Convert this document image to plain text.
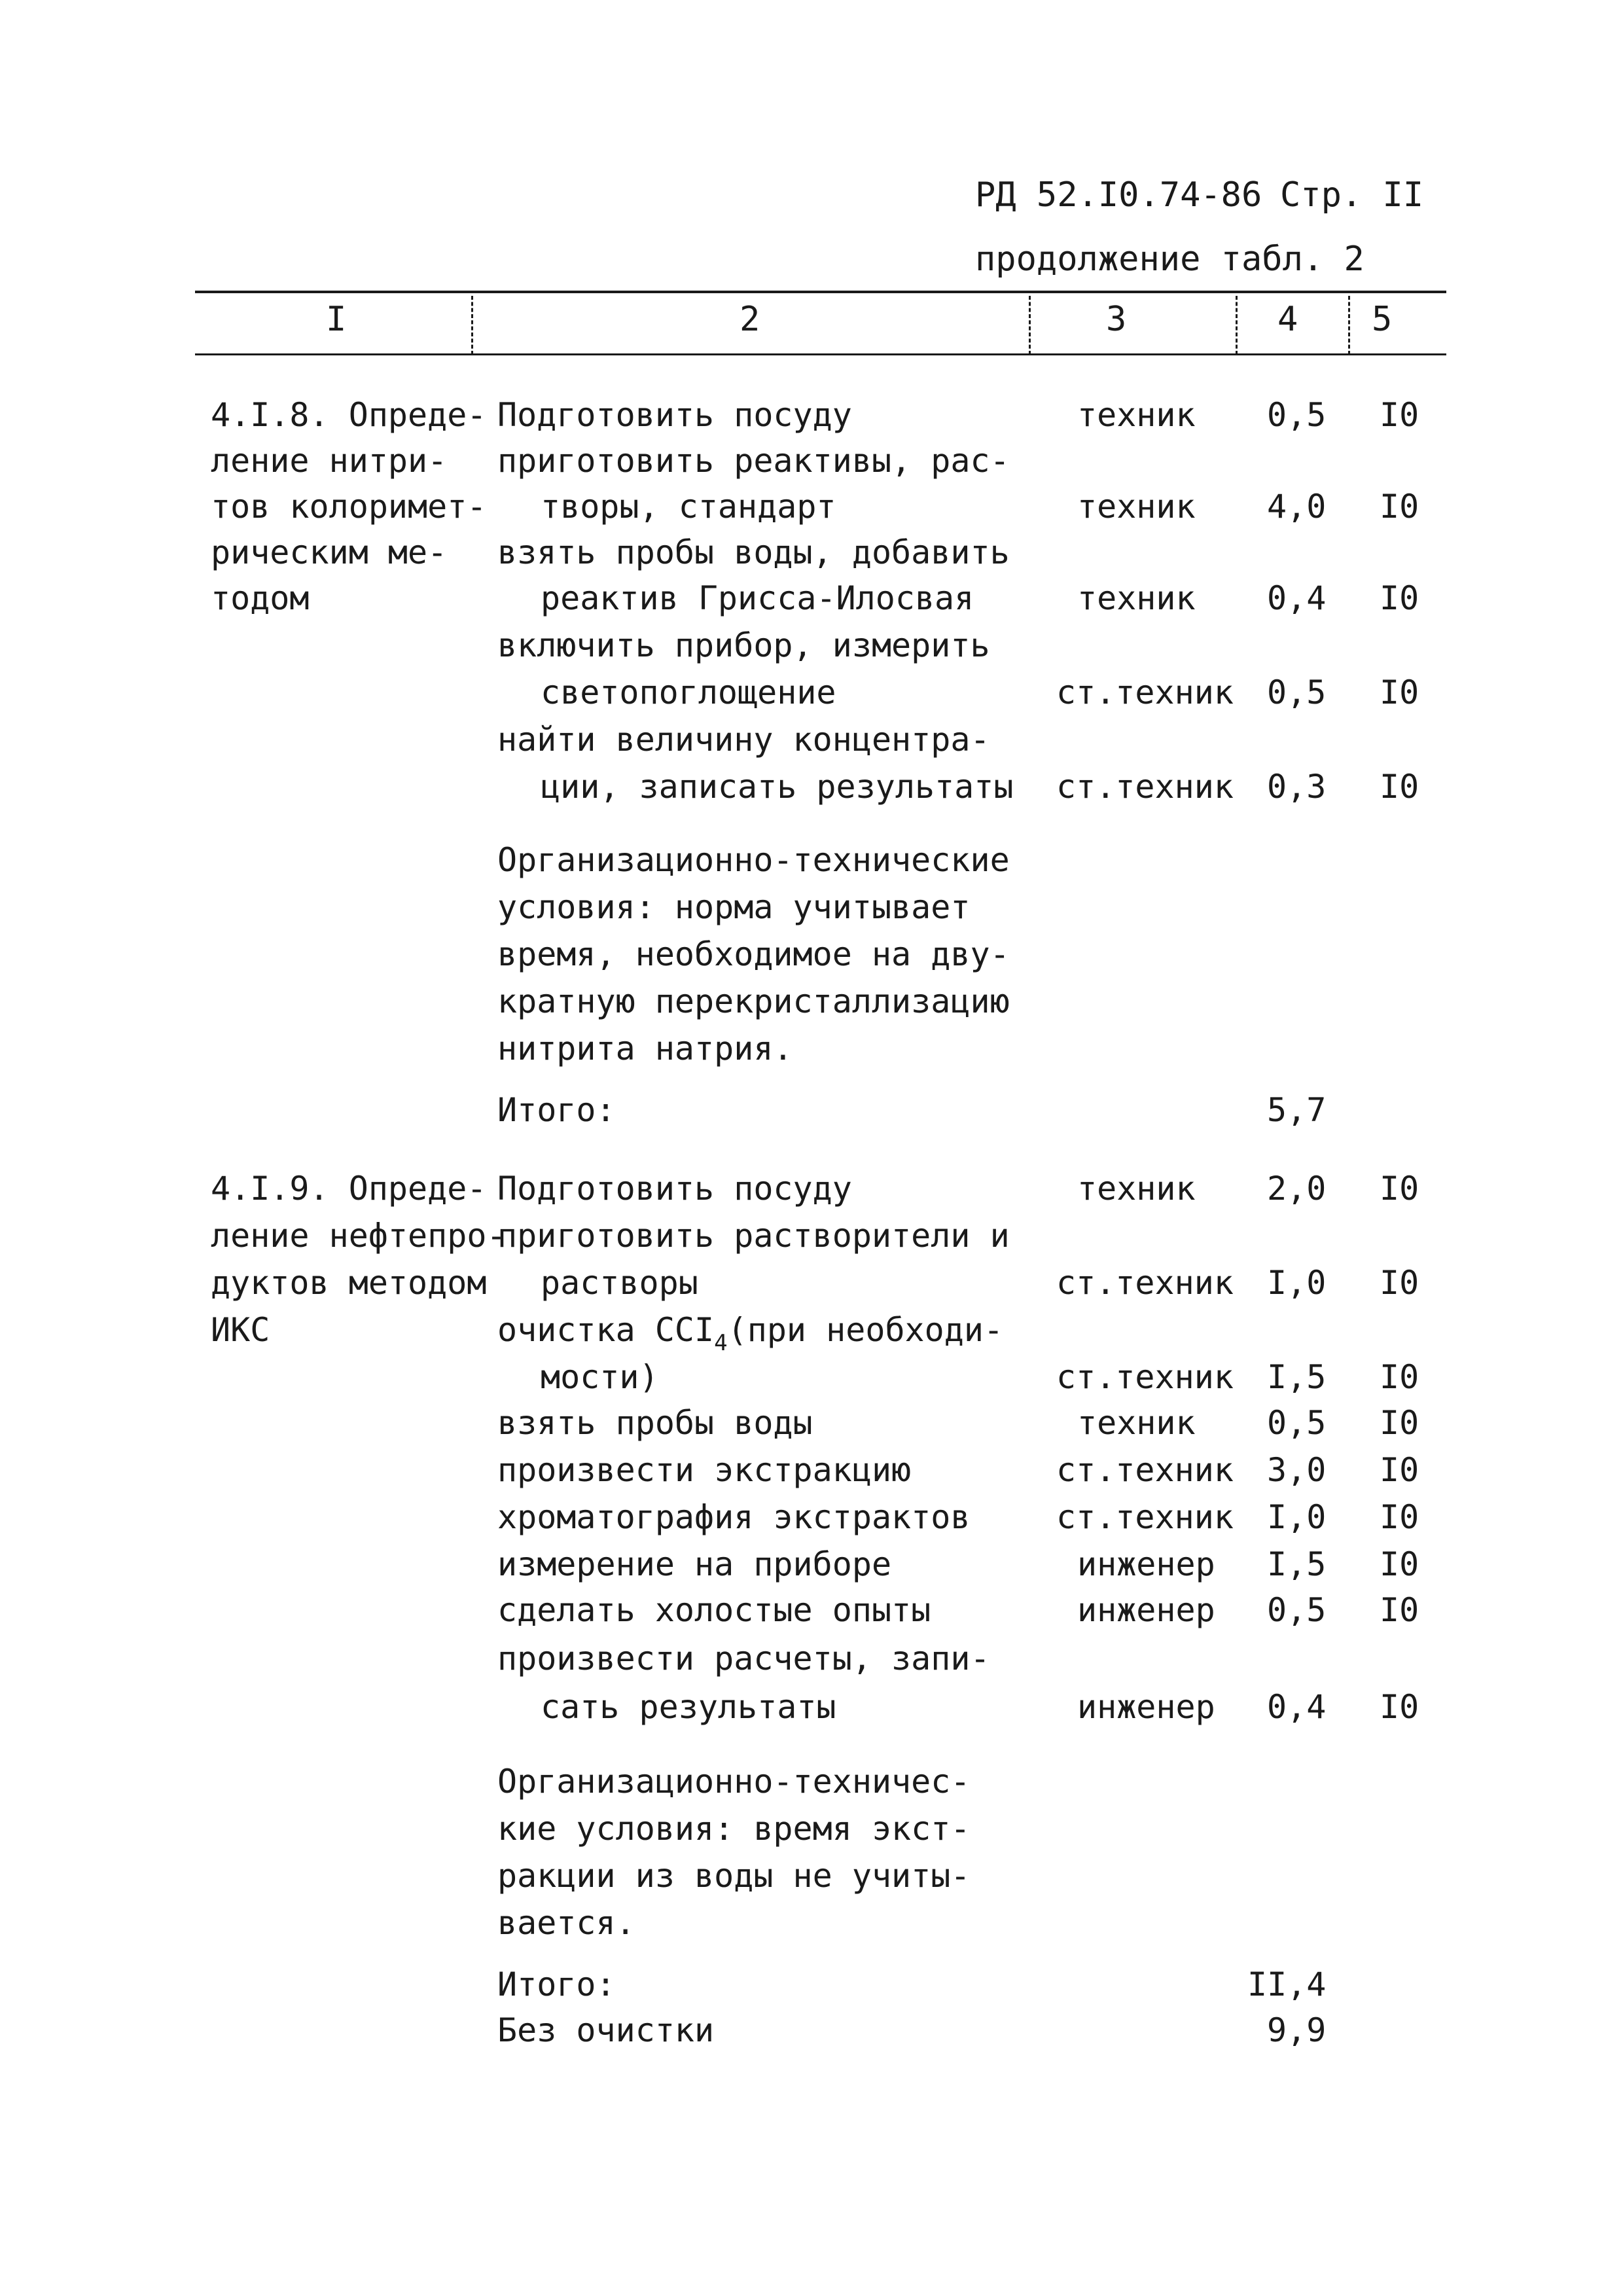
РД 52.I0.74-86 Стр. II
продолжение табл. 2
I	2	3	4 5
4.I.8. Опреде-
ление нитри-
тов колоримет-
рическим ме-
тодом
Подготовить посуду	техник 0,5 I0
приготовить реактивы, рас-
творы, стандарт	техник 4,0 I0
взять пробы воды, добавить
реактив Грисса-Илосвая	техник 0,4 I0
включить прибор, измерить
светопоглощение	ст.техник 0,5 I0
найти величину концентра-
ции, записать результаты ст.техник 0,3 I0
Организационно-технические
условия: норма учитывает
время, необходимое на дву-
кратную перекристаллизацию
нитрита натрия.
Итого:	5,7
4.I.9. Опреде-
ление нефтепро-
дуктов методом
ИКС
Подготовить посуду	техник 2,0 I0
приготовить растворители и
растворы	ст.техник I,0 I0
очистка $CCI_4(при$ необходи-
мости)	ст.техник I,5 I0
взять пробы воды	техник 0,5 I0
произвести экстракцию	ст.техник 3,0 I0
хроматография экстрактов	ст.техник I,0 I0
измерение на приборе	инженер I,5 I0
сделать холостые опыты	инженер 0,5 I0
произвести расчеты, запи-
сать результаты	инженер 0,4 I0
Организационно-техничес-
кие условия: время экст-
ракции из воды не учиты-
вается.
Итого:	II,4
Без очистки	9,9
